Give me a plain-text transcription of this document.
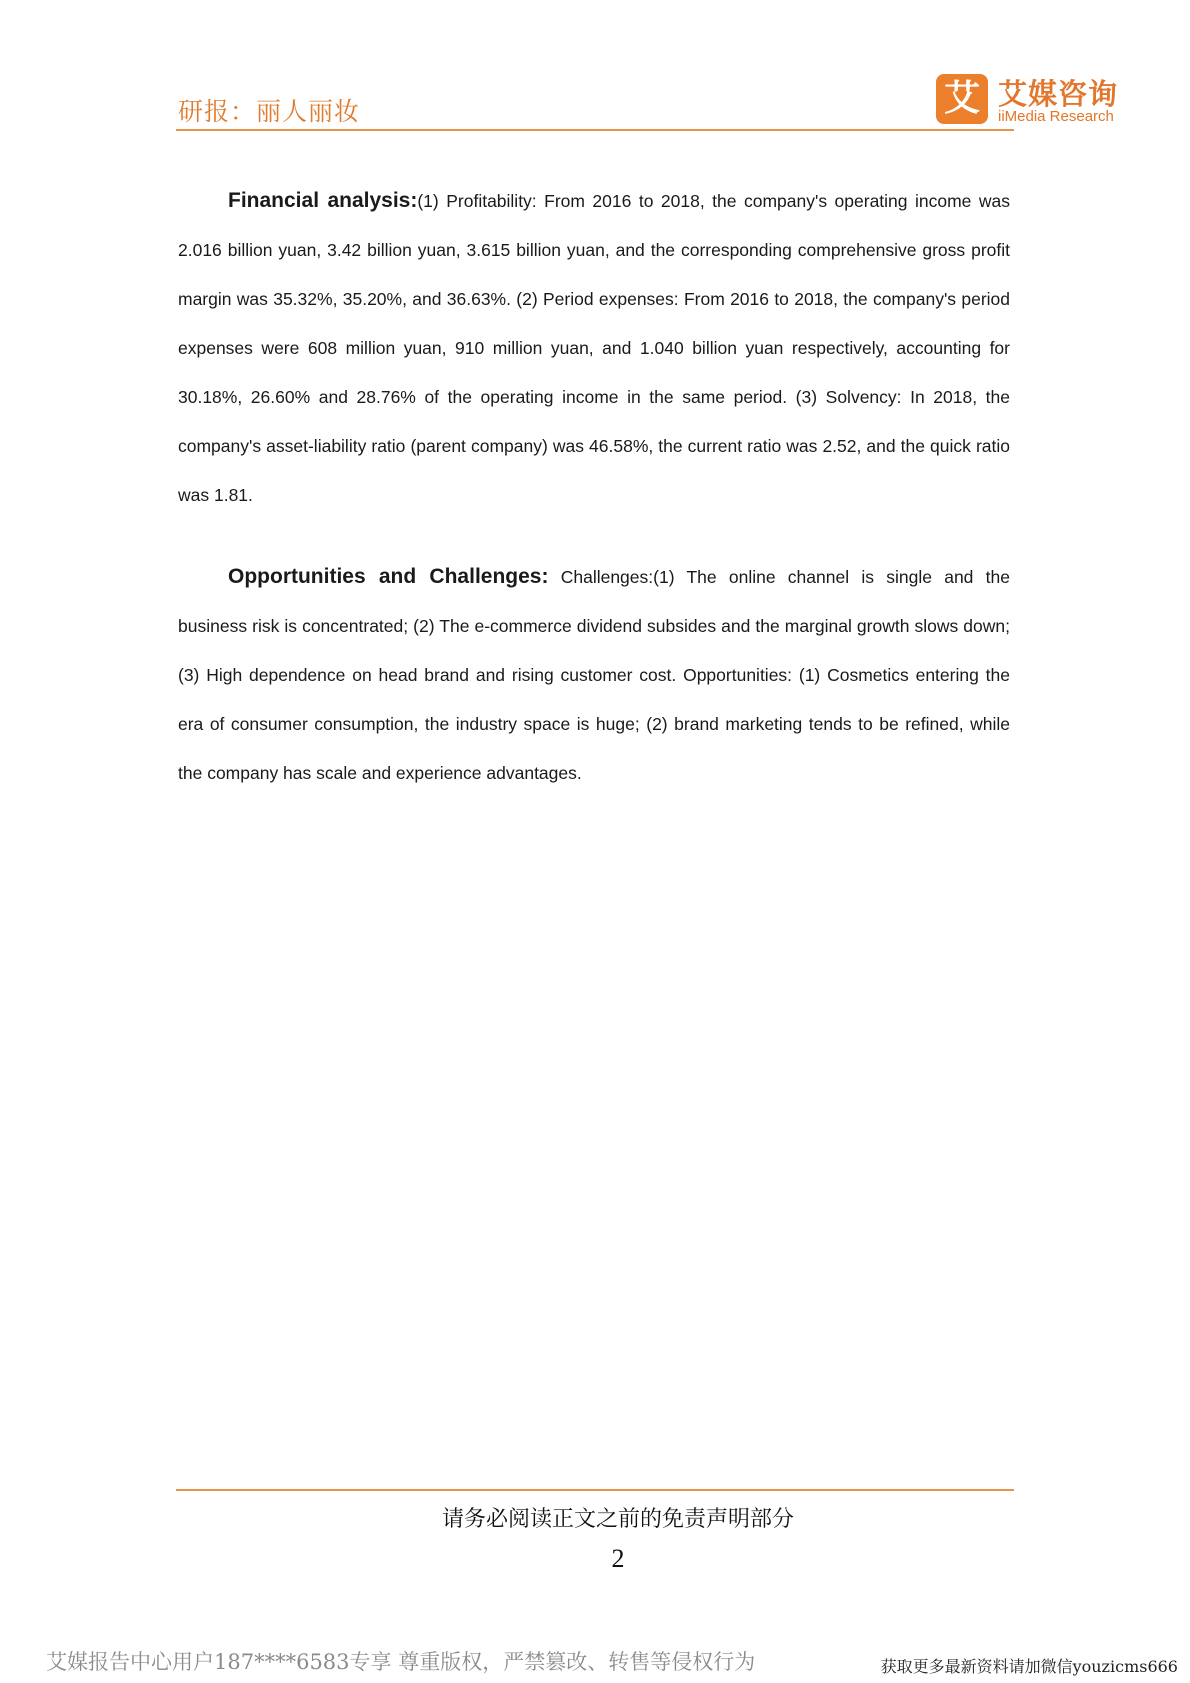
研报：丽人丽妆	艾 艾媒咨询
iiMedia Research

Financial analysis:(1) Profitability: From 2016 to 2018, the company's operating income was 2.016 billion yuan, 3.42 billion yuan, 3.615 billion yuan, and the corresponding comprehensive gross profit margin was 35.32%, 35.20%, and 36.63%. (2) Period expenses: From 2016 to 2018, the company's period expenses were 608 million yuan, 910 million yuan, and 1.040 billion yuan respectively, accounting for 30.18%, 26.60% and 28.76% of the operating income in the same period. (3) Solvency: In 2018, the company's asset-liability ratio (parent company) was 46.58%, the current ratio was 2.52, and the quick ratio was 1.81.

Opportunities and Challenges: Challenges:(1) The online channel is single and the business risk is concentrated; (2) The e-commerce dividend subsides and the marginal growth slows down; (3) High dependence on head brand and rising customer cost. Opportunities: (1) Cosmetics entering the era of consumer consumption, the industry space is huge; (2) brand marketing tends to be refined, while the company has scale and experience advantages.

请务必阅读正文之前的免责声明部分
2
艾媒报告中心用户187****6583专享 尊重版权，严禁篡改、转售等侵权行为	获取更多最新资料请加微信youzicms666
